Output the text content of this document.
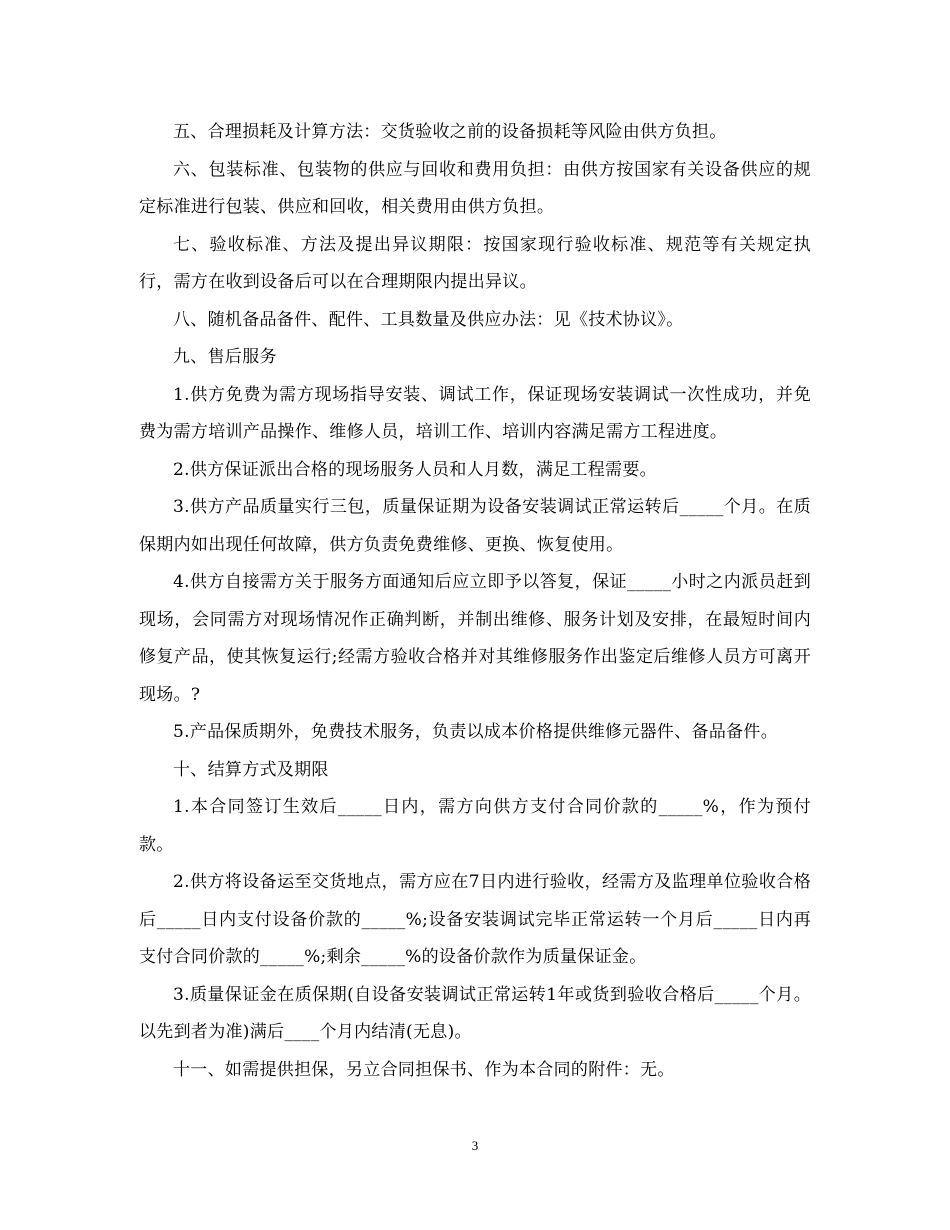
五、合理损耗及计算方法：交货验收之前的设备损耗等风险由供方负担。

六、包装标准、包装物的供应与回收和费用负担：由供方按国家有关设备供应的规定标准进行包装、供应和回收，相关费用由供方负担。

七、验收标准、方法及提出异议期限：按国家现行验收标准、规范等有关规定执行，需方在收到设备后可以在合理期限内提出异议。

八、随机备品备件、配件、工具数量及供应办法：见《技术协议》。

九、售后服务

1.供方免费为需方现场指导安装、调试工作，保证现场安装调试一次性成功，并免费为需方培训产品操作、维修人员，培训工作、培训内容满足需方工程进度。

2.供方保证派出合格的现场服务人员和人月数，满足工程需要。

3.供方产品质量实行三包，质量保证期为设备安装调试正常运转后_____个月。在质保期内如出现任何故障，供方负责免费维修、更换、恢复使用。

4.供方自接需方关于服务方面通知后应立即予以答复，保证_____小时之内派员赶到现场，会同需方对现场情况作正确判断，并制出维修、服务计划及安排，在最短时间内修复产品，使其恢复运行;经需方验收合格并对其维修服务作出鉴定后维修人员方可离开现场。?

5.产品保质期外，免费技术服务，负责以成本价格提供维修元器件、备品备件。

十、结算方式及期限

1.本合同签订生效后_____日内，需方向供方支付合同价款的_____%，作为预付款。

2.供方将设备运至交货地点，需方应在7日内进行验收，经需方及监理单位验收合格后_____日内支付设备价款的_____%;设备安装调试完毕正常运转一个月后_____日内再支付合同价款的_____%;剩余_____%的设备价款作为质量保证金。

3.质量保证金在质保期(自设备安装调试正常运转1年或货到验收合格后_____个月。以先到者为准)满后____个月内结清(无息)。

十一、如需提供担保，另立合同担保书、作为本合同的附件：无。

3
